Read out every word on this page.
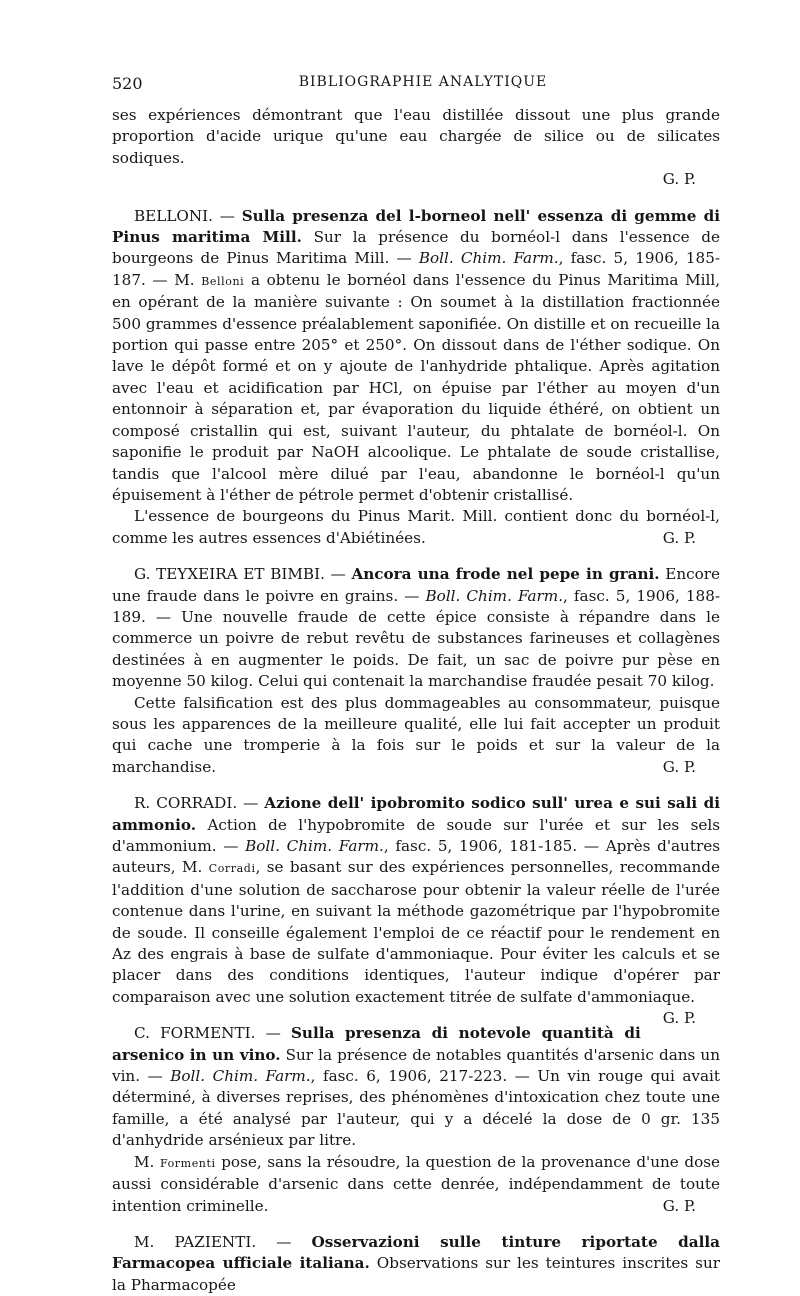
520	BIBLIOGRAPHIE ANALYTIQUE

ses expériences démontrant que l'eau distillée dissout une plus grande proportion d'acide urique qu'une eau chargée de silice ou de silicates sodiques.

G. P.

BELLONI. — Sulla presenza del l-borneol nell' essenza di gemme di Pinus maritima Mill. Sur la présence du bornéol-l dans l'essence de bourgeons de Pinus Maritima Mill. — Boll. Chim. Farm., fasc. 5, 1906, 185-187. — M. Belloni a obtenu le bornéol dans l'essence du Pinus Maritima Mill, en opérant de la manière suivante : On soumet à la distillation fractionnée 500 grammes d'essence préalablement saponifiée. On distille et on recueille la portion qui passe entre 205° et 250°. On dissout dans de l'éther sodique. On lave le dépôt formé et on y ajoute de l'anhydride phtalique. Après agitation avec l'eau et acidification par HCl, on épuise par l'éther au moyen d'un entonnoir à séparation et, par évaporation du liquide éthéré, on obtient un composé cristallin qui est, suivant l'auteur, du phtalate de bornéol-l. On saponifie le produit par NaOH alcoolique. Le phtalate de soude cristallise, tandis que l'alcool mère dilué par l'eau, abandonne le bornéol-l qu'un épuisement à l'éther de pétrole permet d'obtenir cristallisé.

L'essence de bourgeons du Pinus Marit. Mill. contient donc du bornéol-l, comme les autres essences d'Abiétinées.	G. P.

G. TEYXEIRA ET BIMBI. — Ancora una frode nel pepe in grani. Encore une fraude dans le poivre en grains. — Boll. Chim. Farm., fasc. 5, 1906, 188-189. — Une nouvelle fraude de cette épice consiste à répandre dans le commerce un poivre de rebut revêtu de substances farineuses et collagènes destinées à en augmenter le poids. De fait, un sac de poivre pur pèse en moyenne 50 kilog. Celui qui contenait la marchandise fraudée pesait 70 kilog.

Cette falsification est des plus dommageables au consommateur, puisque sous les apparences de la meilleure qualité, elle lui fait accepter un produit qui cache une tromperie à la fois sur le poids et sur la valeur de la marchandise.	G. P.

R. CORRADI. — Azione dell' ipobromito sodico sull' urea e sui sali di ammonio. Action de l'hypobromite de soude sur l'urée et sur les sels d'ammonium. — Boll. Chim. Farm., fasc. 5, 1906, 181-185. — Après d'autres auteurs, M. Corradi, se basant sur des expériences personnelles, recommande l'addition d'une solution de saccharose pour obtenir la valeur réelle de l'urée contenue dans l'urine, en suivant la méthode gazométrique par l'hypobromite de soude. Il conseille également l'emploi de ce réactif pour le rendement en Az des engrais à base de sulfate d'ammoniaque. Pour éviter les calculs et se placer dans des conditions identiques, l'auteur indique d'opérer par comparaison avec une solution exactement titrée de sulfate d'ammoniaque.
G. P.

C. FORMENTI. — Sulla presenza di notevole quantità di arsenico in un vino. Sur la présence de notables quantités d'arsenic dans un vin. — Boll. Chim. Farm., fasc. 6, 1906, 217-223. — Un vin rouge qui avait déterminé, à diverses reprises, des phénomènes d'intoxication chez toute une famille, a été analysé par l'auteur, qui y a décelé la dose de 0 gr. 135 d'anhydride arsénieux par litre.

M. Formenti pose, sans la résoudre, la question de la provenance d'une dose aussi considérable d'arsenic dans cette denrée, indépendamment de toute intention criminelle.	G. P.

M. PAZIENTI. — Osservazioni sulle tinture riportate dalla Farmacopea ufficiale italiana. Observations sur les teintures inscrites sur la Pharmacopée
